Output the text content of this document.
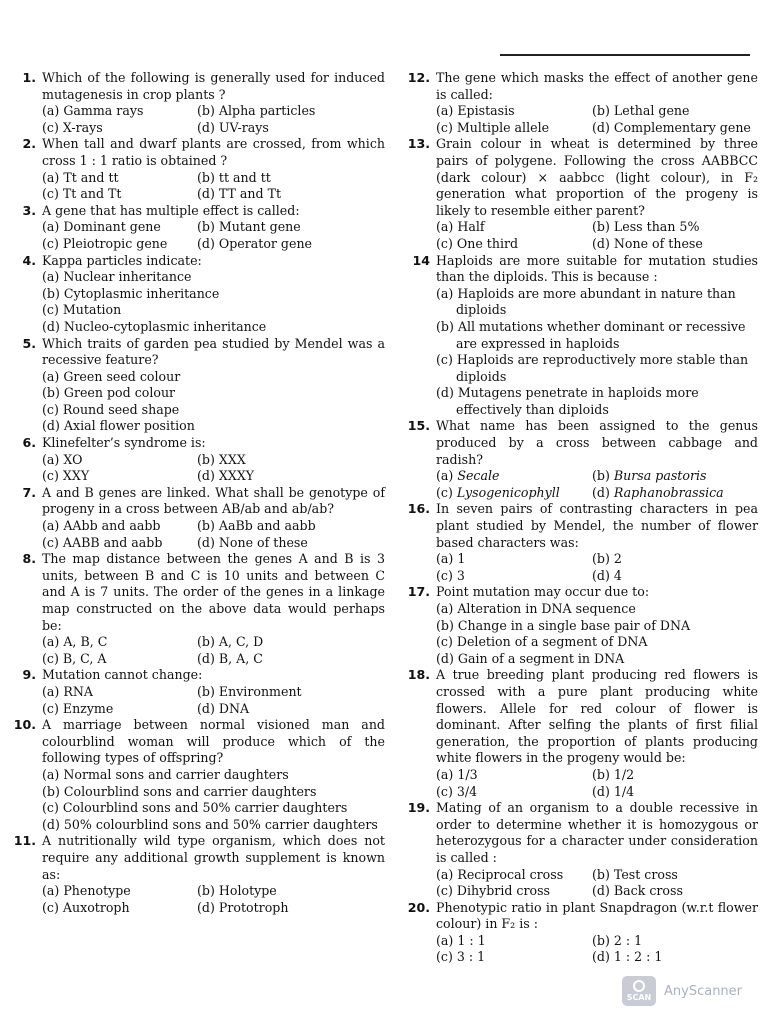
1. Which of the following is generally used for induced mutagenesis in crop plants ?
(a) Gamma rays	(b) Alpha particles
(c) X-rays	(d) UV-rays
2. When tall and dwarf plants are crossed, from which cross 1 : 1 ratio is obtained ?
(a) Tt and tt	(b) tt and tt
(c) Tt and Tt	(d) TT and Tt
3. A gene that has multiple effect is called:
(a) Dominant gene	(b) Mutant gene
(c) Pleiotropic gene	(d) Operator gene
4. Kappa particles indicate:
(a) Nuclear inheritance
(b) Cytoplasmic inheritance
(c) Mutation
(d) Nucleo-cytoplasmic inheritance
5. Which traits of garden pea studied by Mendel was a recessive feature?
(a) Green seed colour
(b) Green pod colour
(c) Round seed shape
(d) Axial flower position
6. Klinefelter’s syndrome is:
(a) XO	(b) XXX
(c) XXY	(d) XXXY
7. A and B genes are linked. What shall be genotype of progeny in a cross between AB/ab and ab/ab?
(a) AAbb and aabb	(b) AaBb and aabb
(c) AABB and aabb	(d) None of these
8. The map distance between the genes A and B is 3 units, between B and C is 10 units and between C and A is 7 units. The order of the genes in a linkage map constructed on the above data would perhaps be:
(a) A, B, C	(b) A, C, D
(c) B, C, A	(d) B, A, C
9. Mutation cannot change:
(a) RNA	(b) Environment
(c) Enzyme	(d) DNA
10. A marriage between normal visioned man and colourblind woman will produce which of the following types of offspring?
(a) Normal sons and carrier daughters
(b) Colourblind sons and carrier daughters
(c) Colourblind sons and 50% carrier daughters
(d) 50% colourblind sons and 50% carrier daughters
11. A nutritionally wild type organism, which does not require any additional growth supplement is known as:
(a) Phenotype	(b) Holotype
(c) Auxotroph	(d) Prototroph
12. The gene which masks the effect of another gene is called:
(a) Epistasis	(b) Lethal gene
(c) Multiple allele	(d) Complementary gene
13. Grain colour in wheat is determined by three pairs of polygene. Following the cross AABBCC (dark colour) × aabbcc (light colour), in F₂ generation what proportion of the progeny is likely to resemble either parent?
(a) Half	(b) Less than 5%
(c) One third	(d) None of these
14 Haploids are more suitable for mutation studies than the diploids. This is because :
(a) Haploids are more abundant in nature than diploids
(b) All mutations whether dominant or recessive are expressed in haploids
(c) Haploids are reproductively more stable than diploids
(d) Mutagens penetrate in haploids more effectively than diploids
15. What name has been assigned to the genus produced by a cross between cabbage and radish?
(a) Secale	(b) Bursa pastoris
(c) Lysogenicophyll	(d) Raphanobrassica
16. In seven pairs of contrasting characters in pea plant studied by Mendel, the number of flower based characters was:
(a) 1	(b) 2
(c) 3	(d) 4
17. Point mutation may occur due to:
(a) Alteration in DNA sequence
(b) Change in a single base pair of DNA
(c) Deletion of a segment of DNA
(d) Gain of a segment in DNA
18. A true breeding plant producing red flowers is crossed with a pure plant producing white flowers. Allele for red colour of flower is dominant. After selfing the plants of first filial generation, the proportion of plants producing white flowers in the progeny would be:
(a) 1/3	(b) 1/2
(c) 3/4	(d) 1/4
19. Mating of an organism to a double recessive in order to determine whether it is homozygous or heterozygous for a character under consideration is called :
(a) Reciprocal cross	(b) Test cross
(c) Dihybrid cross	(d) Back cross
20. Phenotypic ratio in plant Snapdragon (w.r.t flower colour) in F₂ is :
(a) 1 : 1	(b) 2 : 1
(c) 3 : 1	(d) 1 : 2 : 1
SCAN AnyScanner
